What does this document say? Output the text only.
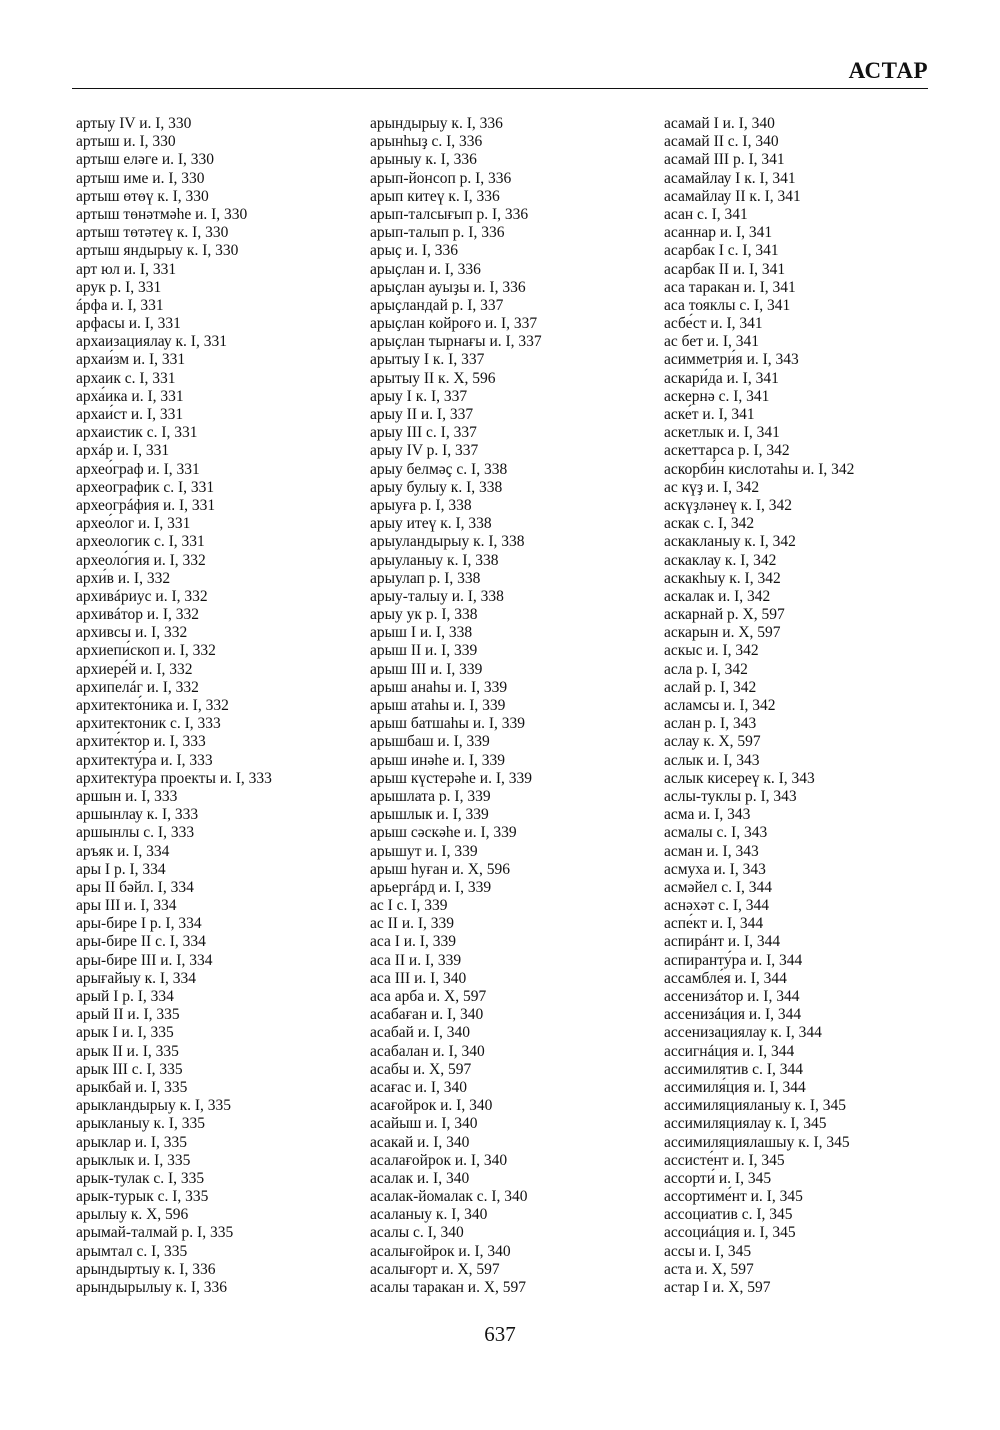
АСТАР
артыу IV и. I, 330
артыш и. I, 330
артыш еләге и. I, 330
артыш име и. I, 330
артыш өтөү к. I, 330
артыш төнәтмәһе и. I, 330
артыш төтәтеү к. I, 330
артыш яндырыу к. I, 330
арт юл и. I, 331
арук р. I, 331
áрфа и. I, 331
арфасы и. I, 331
архаизациялау к. I, 331
архаи́зм и. I, 331
архаик с. I, 331
арха́ика и. I, 331
архаи́ст и. I, 331
архаистик с. I, 331
архáр и. I, 331
архео́граф и. I, 331
археографик с. I, 331
археогрáфия и. I, 331
архео́лог и. I, 331
археологик с. I, 331
археоло́гия и. I, 332
архи́в и. I, 332
архивáриус и. I, 332
архивáтор и. I, 332
архивсы и. I, 332
архиепи́скоп и. I, 332
архиере́й и. I, 332
архипелáг и. I, 332
архитекто́ника и. I, 332
архитектоник с. I, 333
архите́ктор и. I, 333
архитекту́ра и. I, 333
архитекту́ра проекты и. I, 333
аршын и. I, 333
аршынлау к. I, 333
аршынлы с. I, 333
аръяк и. I, 334
ары I р. I, 334
ары II бәйл. I, 334
ары III и. I, 334
ары-бире I р. I, 334
ары-бире II с. I, 334
ары-бире III и. I, 334
арығайыу к. I, 334
арый I р. I, 334
арый II и. I, 335
арык I и. I, 335
арык II и. I, 335
арык III с. I, 335
арыкбай и. I, 335
арыкландырыу к. I, 335
арыкланыу к. I, 335
арыклар и. I, 335
арыклык и. I, 335
арык-тулак с. I, 335
арык-турык с. I, 335
арылыу к. X, 596
арымай-талмай р. I, 335
арымтал с. I, 335
арындыртыу к. I, 336
арындырылыу к. I, 336
арындырыу к. I, 336
арынһыҙ с. I, 336
арыныу к. I, 336
арып-йонсоп р. I, 336
арып китеү к. I, 336
арып-талсығып р. I, 336
арып-талып р. I, 336
арыҫ и. I, 336
арыҫлан и. I, 336
арыҫлан ауыҙы и. I, 336
арыҫландай р. I, 337
арыҫлан койроғо и. I, 337
арыҫлан тырнағы и. I, 337
арытыу I к. I, 337
арытыу II к. X, 596
арыу I к. I, 337
арыу II и. I, 337
арыу III с. I, 337
арыу IV р. I, 337
арыу белмәҫ с. I, 338
арыу булыу к. I, 338
арыуға р. I, 338
арыу итеү к. I, 338
арыуландырыу к. I, 338
арыуланыу к. I, 338
арыулап р. I, 338
арыу-талыу и. I, 338
арыу ук р. I, 338
арыш I и. I, 338
арыш II и. I, 339
арыш III и. I, 339
арыш анаһы и. I, 339
арыш атаһы и. I, 339
арыш батшаһы и. I, 339
арышбаш и. I, 339
арыш инәһе и. I, 339
арыш күстерәһе и. I, 339
арышлата р. I, 339
арышлык и. I, 339
арыш сәскәһе и. I, 339
арышут и. I, 339
арыш һуған и. X, 596
арьергáрд и. I, 339
ас I с. I, 339
ас II и. I, 339
аса I и. I, 339
аса II и. I, 339
аса III и. I, 340
аса арба и. X, 597
асабаған и. I, 340
асабай и. I, 340
асабалан и. I, 340
асабы и. X, 597
асағас и. I, 340
асағойрок и. I, 340
асайыш и. I, 340
асакай и. I, 340
асалағойрок и. I, 340
асалак и. I, 340
асалак-йомалак с. I, 340
асаланыу к. I, 340
асалы с. I, 340
асалығойрок и. I, 340
асалығорт и. X, 597
асалы таракан и. X, 597
асамай I и. I, 340
асамай II с. I, 340
асамай III р. I, 341
асамайлау I к. I, 341
асамайлау II к. I, 341
асан с. I, 341
асаннар и. I, 341
асарбак I с. I, 341
асарбак II и. I, 341
аса таракан и. I, 341
аса тояклы с. I, 341
асбе́ст и. I, 341
ас бет и. I, 341
асимметри́я и. I, 343
аскари́да и. I, 341
аскернә с. I, 341
аске́т и. I, 341
аскетлык и. I, 341
аскеттарса р. I, 342
аскорби́н кислотаһы и. I, 342
ас күҙ и. I, 342
аскүҙләнеү к. I, 342
аскак с. I, 342
аскакланыу к. I, 342
аскаклау к. I, 342
аскакһыу к. I, 342
аскалак и. I, 342
аскарнай р. X, 597
аскарын и. X, 597
аскыс и. I, 342
асла р. I, 342
аслай р. I, 342
асламсы и. I, 342
аслан р. I, 343
аслау к. X, 597
аслык и. I, 343
аслык кисереү к. I, 343
аслы-туклы р. I, 343
асма и. I, 343
асмалы с. I, 343
асман и. I, 343
асмуха и. I, 343
асмәйел с. I, 344
аснәхәт с. I, 344
аспе́кт и. I, 344
аспирáнт и. I, 344
аспиранту́ра и. I, 344
ассамбле́я и. I, 344
ассенизáтор и. I, 344
ассенизáция и. I, 344
ассенизациялау к. I, 344
ассигнáция и. I, 344
ассимилятив с. I, 344
ассимиля́ция и. I, 344
ассимиляцияланыу к. I, 345
ассимиляциялау к. I, 345
ассимиляциялашыу к. I, 345
ассисте́нт и. I, 345
ассорти́ и. I, 345
ассортиме́нт и. I, 345
ассоциатив с. I, 345
ассоциáция и. I, 345
ассы и. I, 345
аста и. X, 597
астар I и. X, 597
637
